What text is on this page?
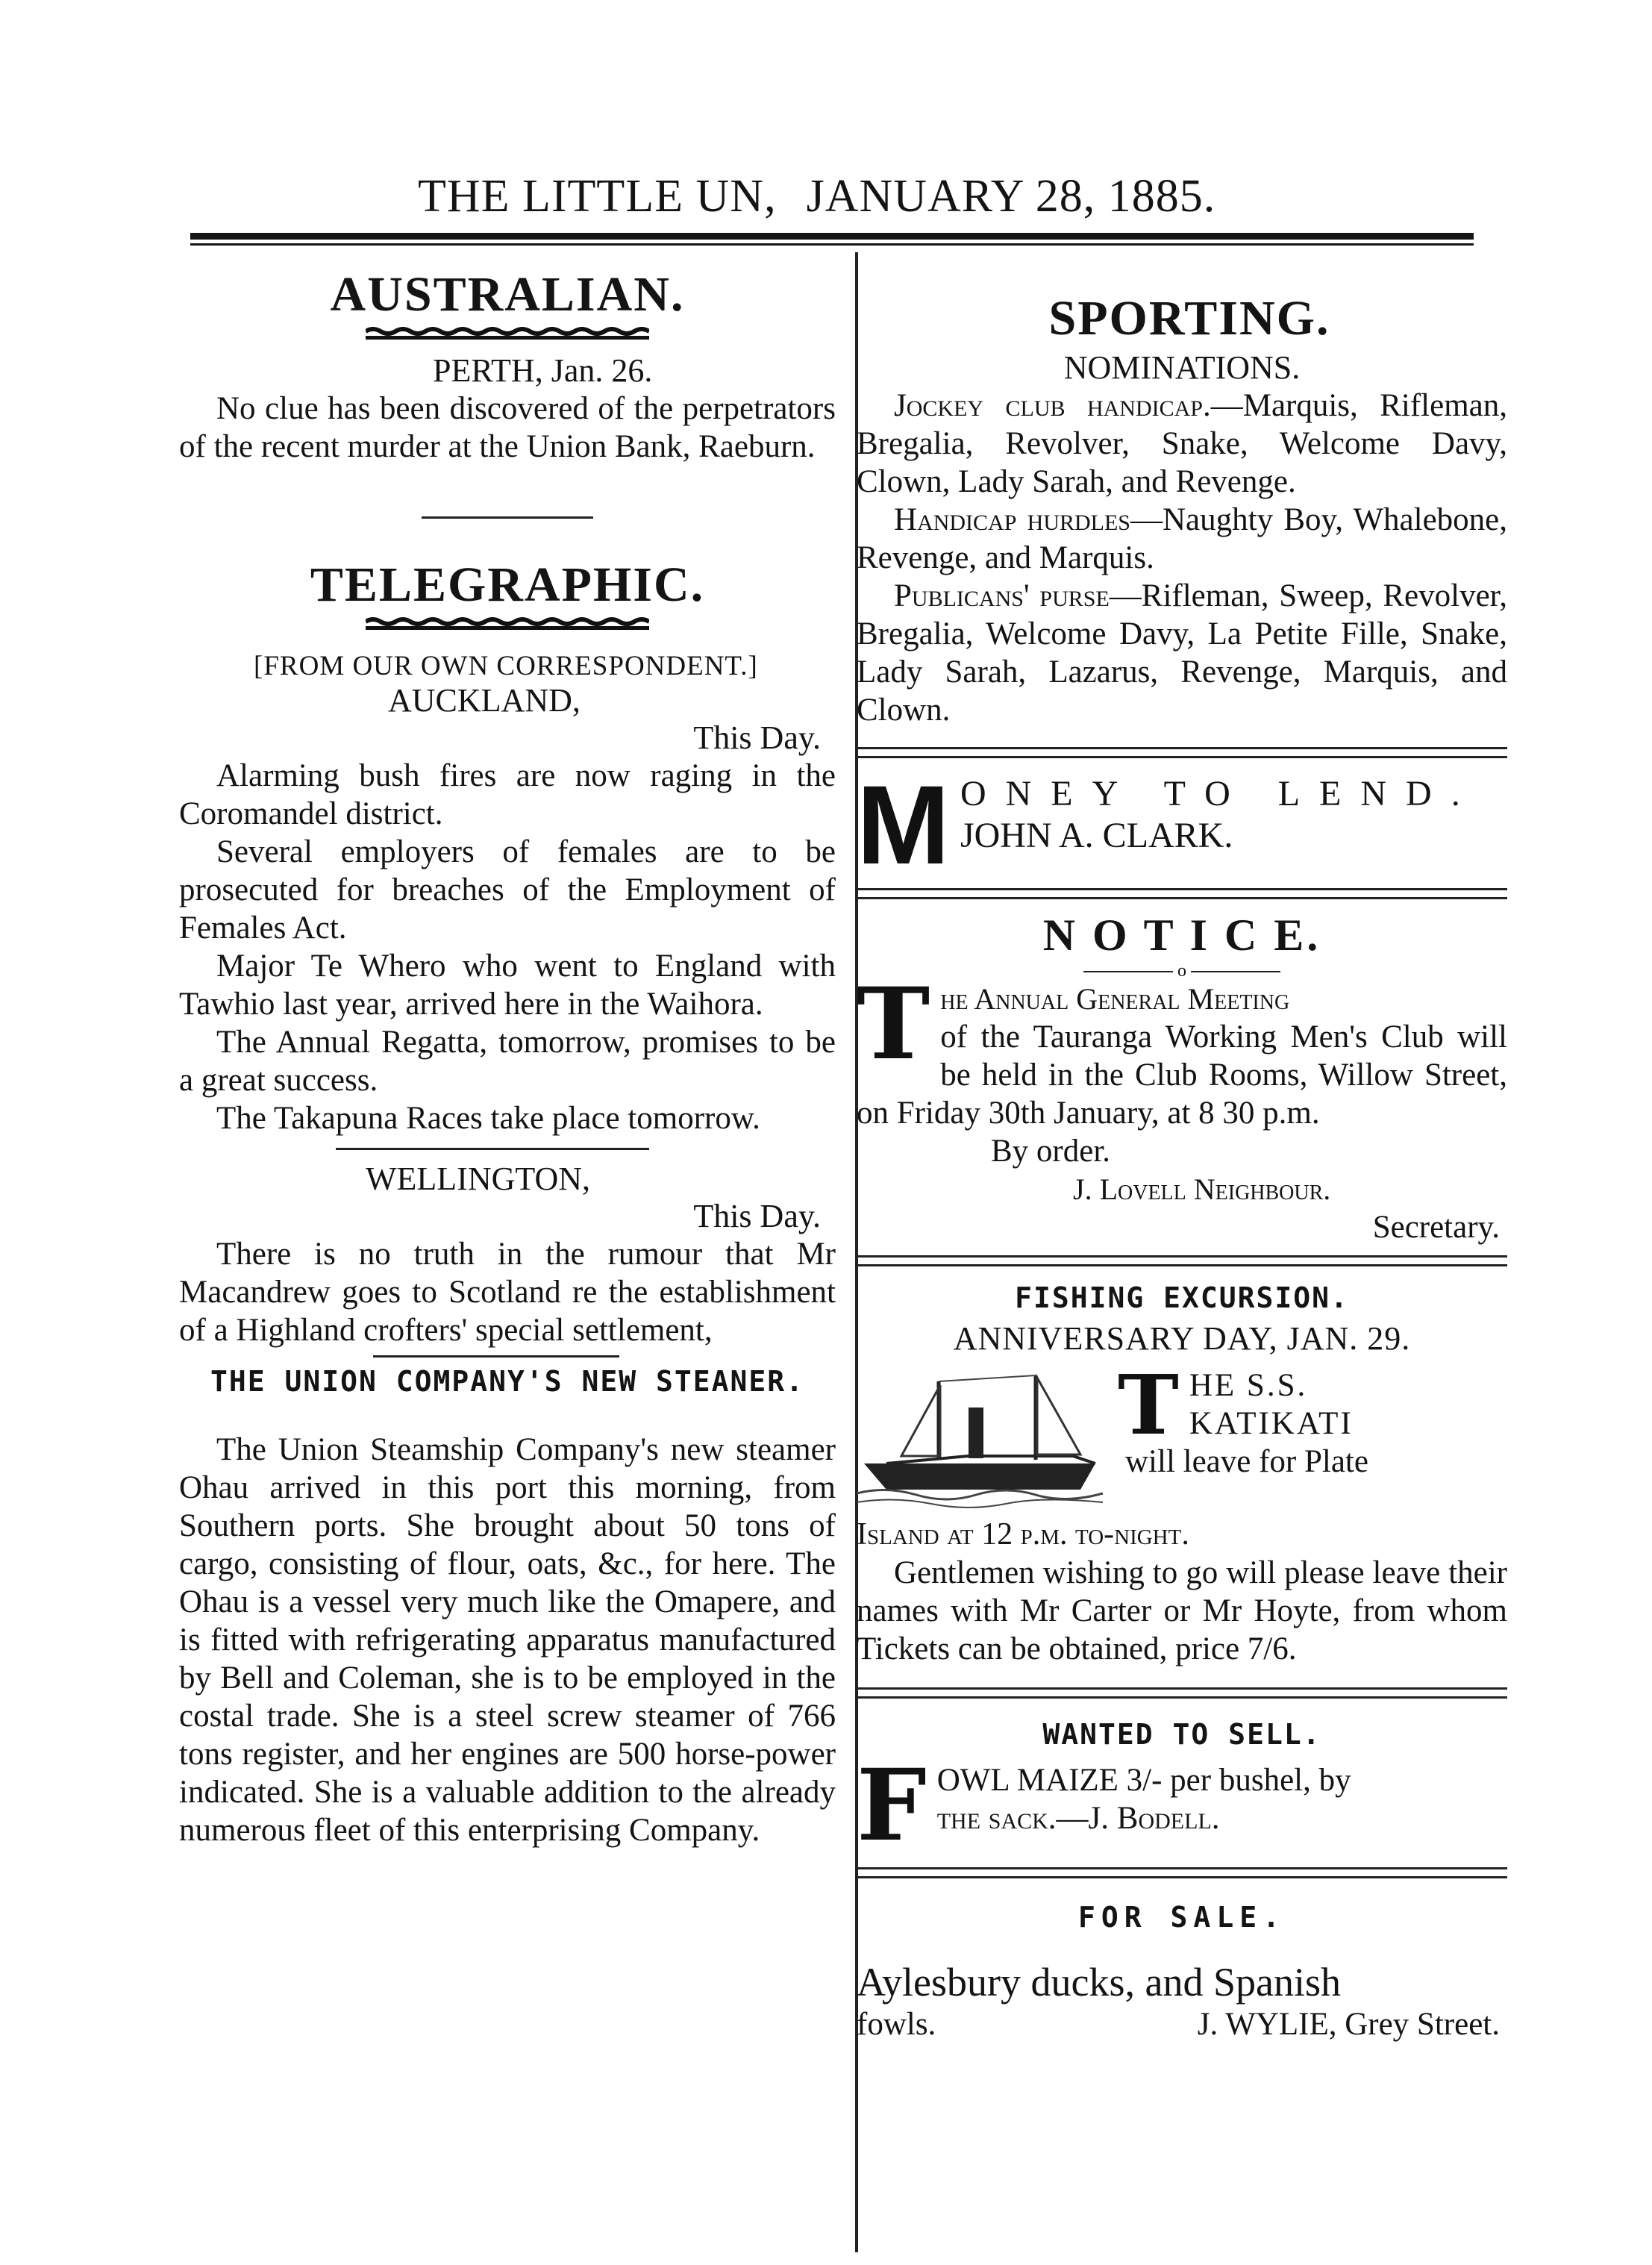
THE LITTLE UN, JANUARY 28, 1885.
AUSTRALIAN.
PERTH, Jan. 26.

No clue has been discovered of the perpetrators of the recent murder at the Union Bank, Raeburn.

TELEGRAPHIC.
[FROM OUR OWN CORRESPONDENT.]
AUCKLAND,
This Day.

Alarming bush fires are now raging in the Coromandel district.

Several employers of females are to be prosecuted for breaches of the Employment of Females Act.

Major Te Whero who went to England with Tawhio last year, arrived here in the Waihora.

The Annual Regatta, tomorrow, promises to be a great success.

The Takapuna Races take place tomorrow.

WELLINGTON,
This Day.

There is no truth in the rumour that Mr Macandrew goes to Scotland re the establishment of a Highland crofters' special settlement,

THE UNION COMPANY'S NEW STEANER.

The Union Steamship Company's new steamer Ohau arrived in this port this morning, from Southern ports. She brought about 50 tons of cargo, consisting of flour, oats, &c., for here. The Ohau is a vessel very much like the Omapere, and is fitted with refrigerating apparatus manufactured by Bell and Coleman, she is to be employed in the costal trade. She is a steel screw steamer of 766 tons register, and her engines are 500 horse-power indicated. She is a valuable addition to the already numerous fleet of this enterprising Company.

SPORTING.
NOMINATIONS.

Jockey club handicap.—Marquis, Rifleman, Bregalia, Revolver, Snake, Welcome Davy, Clown, Lady Sarah, and Revenge.

Handicap hurdles—Naughty Boy, Whalebone, Revenge, and Marquis.

Publicans' purse—Rifleman, Sweep, Revolver, Bregalia, Welcome Davy, La Petite Fille, Snake, Lady Sarah, Lazarus, Revenge, Marquis, and Clown.

M ONEY TO LEND.
JOHN A. CLARK.
N O T I C E.
o
T he Annual General Meeting

of the Tauranga Working Men's Club will be held in the Club Rooms, Willow Street, on Friday 30th January, at 8 30 p.m.

By order.
J. Lovell Neighbour.
Secretary.
FISHING EXCURSION.
ANNIVERSARY DAY, JAN. 29.
T HE S.S.
KATIKATI
will leave for Plate

Island at 12 p.m. to-night.

Gentlemen wishing to go will please leave their names with Mr Carter or Mr Hoyte, from whom Tickets can be obtained, price 7/6.

WANTED TO SELL.
F OWL MAIZE 3/- per bushel, by
the sack.—J. Bodell.
FOR SALE.
Aylesbury ducks, and Spanish
fowls.	J. WYLIE, Grey Street.
